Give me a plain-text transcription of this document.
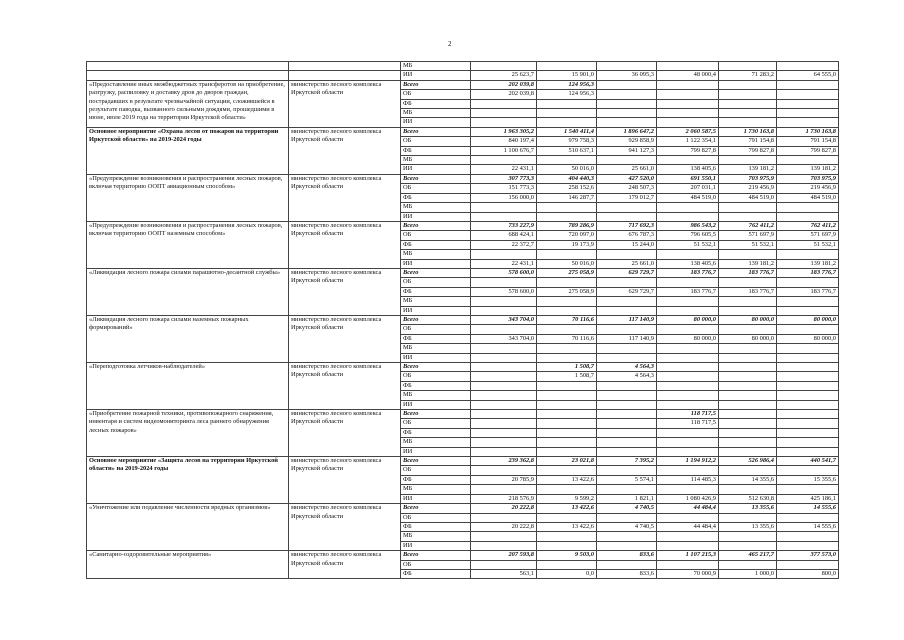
2
		МБ						
		ИИ	25 623,7	15 901,0	36 095,3	48 000,4	71 283,2	64 555,0
«Предоставление иных межбюджетных трансферотов на приобретение, разгрузку, распиловку и доставку дров до дворов граждан, пострадавших в результате чрезвычайной ситуации, сложившейся в результате паводка, вызванного сильными дождями, прошедшими в июне, июле 2019 года на территории Иркутской области»	министерство лесного комплекса Иркутской области	Всего	202 039,8	124 956,3				
		ОБ	202 039,8	124 956,3				
		ФБ						
		МБ						
		ИИ						
Основное мероприятие «Охрана лесов от пожаров на территории Иркутской области» на 2019-2024 годы	министерство лесного комплекса Иркутской области	Всего	1 963 305,2	1 540 411,4	1 896 647,2	2 060 587,5	1 730 163,8	1 730 163,8
		ОБ	840 197,4	979 758,3	929 858,9	1 122 354,1	791 154,8	791 154,8
		ФБ	1 100 676,7	510 637,1	941 127,3	799 827,8	799 827,8	799 827,8
		МБ						
		ИИ	22 431,1	50 016,0	25 661,0	138 405,6	139 181,2	139 181,2
«Предупреждение возникновения и распространения лесных пожаров, включая территорию ООПТ авиационным способом»	министерство лесного комплекса Иркутской области	Всего	307 773,3	404 440,3	427 520,0	691 550,1	703 975,9	703 975,9
		ОБ	151 773,3	258 152,6	248 507,3	207 031,1	219 456,9	219 456,9
		ФБ	156 000,0	146 287,7	179 012,7	484 519,0	484 519,0	484 519,0
		МБ						
		ИИ						
«Предупреждение возникновения и распространения лесных пожаров, включая территорию ООПТ наземным способом»	министерство лесного комплекса Иркутской области	Всего	733 227,9	789 286,9	717 692,3	986 543,2	762 411,2	762 411,2
		ОБ	688 424,1	720 097,0	676 787,3	796 605,5	571 697,9	571 697,9
		ФБ	22 372,7	19 173,9	15 244,0	51 532,1	51 532,1	51 532,1
		МБ						
		ИИ	22 431,1	50 016,0	25 661,0	138 405,6	139 181,2	139 181,2
«Ликвидация лесного пожара силами парашютно-десантной службы»	министерство лесного комплекса Иркутской области	Всего	578 600,0	275 058,9	629 729,7	183 776,7	183 776,7	183 776,7
		ОБ						
		ФБ	578 600,0	275 058,9	629 729,7	183 776,7	183 776,7	183 776,7
		МБ						
		ИИ						
«Ликвидация лесного пожара силами наземных пожарных формирований»	министерство лесного комплекса Иркутской области	Всего	343 704,0	70 116,6	117 140,9	80 000,0	80 000,0	80 000,0
		ОБ						
		ФБ	343 704,0	70 116,6	117 140,9	80 000,0	80 000,0	80 000,0
		МБ						
		ИИ						
«Переподготовка летчиков-наблюдателей»	министерство лесного комплекса Иркутской области	Всего		1 508,7	4 564,3			
		ОБ		1 508,7	4 564,3			
		ФБ						
		МБ						
		ИИ						
«Приобретение пожарной техники, противопожарного снаряжения, инвентаря и систем видеомониторинга леса раннего обнаружения лесных пожаров»	министерство лесного комплекса Иркутской области	Всего				118 717,5		
		ОБ				118 717,5		
		ФБ						
		МБ						
		ИИ						
Основное мероприятие «Защита лесов на территории Иркутской области» на 2019-2024 годы	министерство лесного комплекса Иркутской области	Всего	239 362,8	23 021,8	7 395,2	1 194 912,2	526 986,4	440 541,7
		ОБ						
		ФБ	20 785,9	13 422,6	5 574,1	114 485,3	14 355,6	15 355,6
		МБ						
		ИИ	218 576,9	9 599,2	1 821,1	1 080 426,9	512 630,8	425 186,1
«Уничтожение или подавление численности вредных организмов»	министерство лесного комплекса Иркутской области	Всего	20 222,8	13 422,6	4 740,5	44 484,4	13 355,6	14 555,6
		ОБ						
		ФБ	20 222,8	13 422,6	4 740,5	44 484,4	13 355,6	14 555,6
		МБ						
		ИИ						
«Санитарно-оздоровительные мероприятия»	министерство лесного комплекса Иркутской области	Всего	207 593,8	9 503,0	833,6	1 107 215,3	465 217,7	377 573,0
		ОБ						
		ФБ	563,1	0,0	833,6	70 000,9	1 000,0	800,0
